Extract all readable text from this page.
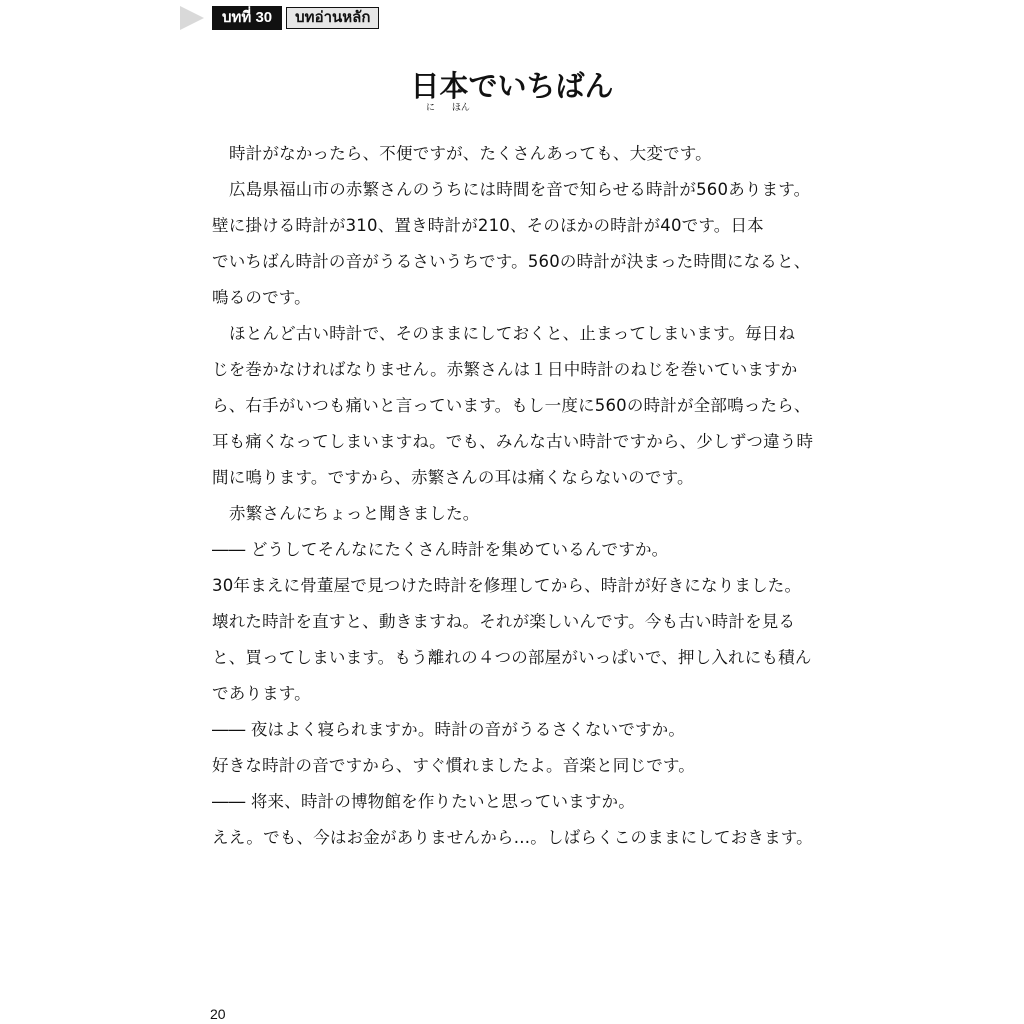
บทที่ 30	บทอ่านหลัก
日本でいちばん
に ほん
時計がなかったら、不便ですが、たくさんあっても、大変です。
広島県福山市の赤繁さんのうちには時間を音で知らせる時計が560あります。
壁に掛ける時計が310、置き時計が210、そのほかの時計が40です。日本
でいちばん時計の音がうるさいうちです。560の時計が決まった時間になると、
鳴るのです。
ほとんど古い時計で、そのままにしておくと、止まってしまいます。毎日ね
じを巻かなければなりません。赤繁さんは１日中時計のねじを巻いていますか
ら、右手がいつも痛いと言っています。もし一度に560の時計が全部鳴ったら、
耳も痛くなってしまいますね。でも、みんな古い時計ですから、少しずつ違う時
間に鳴ります。ですから、赤繁さんの耳は痛くならないのです。
赤繁さんにちょっと聞きました。
―― どうしてそんなにたくさん時計を集めているんですか。
30年まえに骨董屋で見つけた時計を修理してから、時計が好きになりました。
壊れた時計を直すと、動きますね。それが楽しいんです。今も古い時計を見る
と、買ってしまいます。もう離れの４つの部屋がいっぱいで、押し入れにも積ん
であります。
―― 夜はよく寝られますか。時計の音がうるさくないですか。
好きな時計の音ですから、すぐ慣れましたよ。音楽と同じです。
―― 将来、時計の博物館を作りたいと思っていますか。
ええ。でも、今はお金がありませんから…。しばらくこのままにしておきます。
20
